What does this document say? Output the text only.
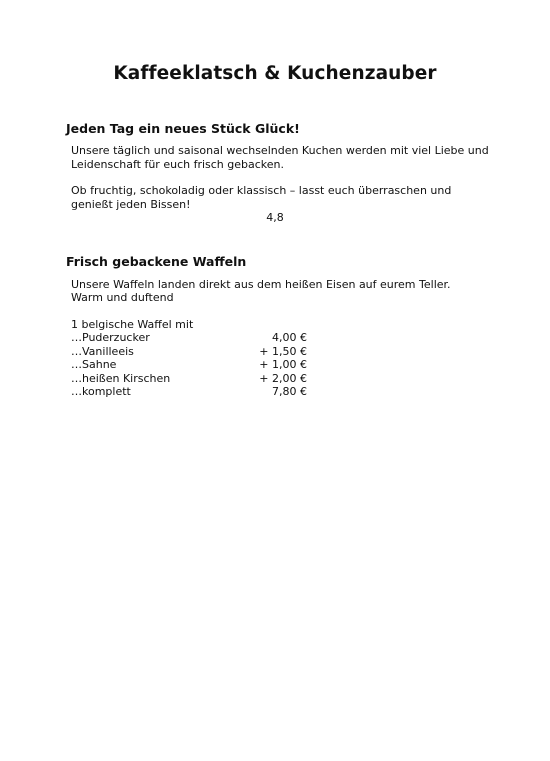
Kaffeeklatsch & Kuchenzauber
Jeden Tag ein neues Stück Glück!
Unsere täglich und saisonal wechselnden Kuchen werden mit viel Liebe und Leidenschaft für euch frisch gebacken.
Ob fruchtig, schokoladig oder klassisch – lasst euch überraschen und genießt jeden Bissen!
4,8
Frisch gebackene Waffeln
Unsere Waffeln landen direkt aus dem heißen Eisen auf eurem Teller.
Warm und duftend
1 belgische Waffel mit
…Puderzucker	4,00 €
…Vanilleeis	+ 1,50 €
…Sahne	+ 1,00 €
…heißen Kirschen	+ 2,00 €
…komplett	7,80 €
